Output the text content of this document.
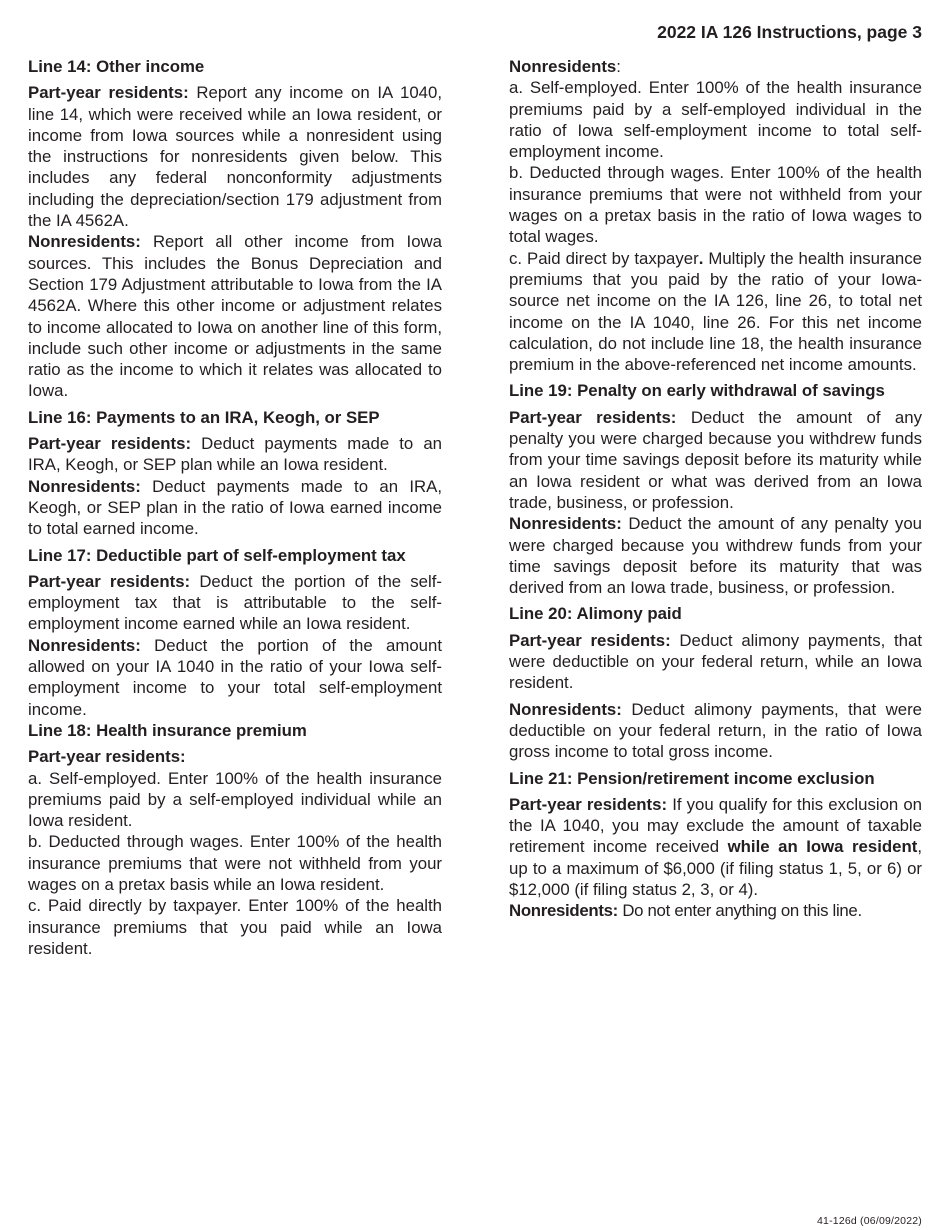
2022 IA 126 Instructions, page 3
Line 14: Other income
Part-year residents: Report any income on IA 1040, line 14, which were received while an Iowa resident, or income from Iowa sources while a nonresident using the instructions for nonresidents given below. This includes any federal nonconformity adjustments including the depreciation/section 179 adjustment from the IA 4562A.
Nonresidents: Report all other income from Iowa sources. This includes the Bonus Depreciation and Section 179 Adjustment attributable to Iowa from the IA 4562A. Where this other income or adjustment relates to income allocated to Iowa on another line of this form, include such other income or adjustments in the same ratio as the income to which it relates was allocated to Iowa.
Line 16: Payments to an IRA, Keogh, or SEP
Part-year residents: Deduct payments made to an IRA, Keogh, or SEP plan while an Iowa resident.
Nonresidents: Deduct payments made to an IRA, Keogh, or SEP plan in the ratio of Iowa earned income to total earned income.
Line 17: Deductible part of self-employment tax
Part-year residents: Deduct the portion of the self-employment tax that is attributable to the self-employment income earned while an Iowa resident.
Nonresidents: Deduct the portion of the amount allowed on your IA 1040 in the ratio of your Iowa self-employment income to your total self-employment income.
Line 18: Health insurance premium
Part-year residents:
a. Self-employed. Enter 100% of the health insurance premiums paid by a self-employed individual while an Iowa resident.
b. Deducted through wages. Enter 100% of the health insurance premiums that were not withheld from your wages on a pretax basis while an Iowa resident.
c. Paid directly by taxpayer. Enter 100% of the health insurance premiums that you paid while an Iowa resident.
Nonresidents:
a. Self-employed. Enter 100% of the health insurance premiums paid by a self-employed individual in the ratio of Iowa self-employment income to total self-employment income.
b. Deducted through wages. Enter 100% of the health insurance premiums that were not withheld from your wages on a pretax basis in the ratio of Iowa wages to total wages.
c. Paid direct by taxpayer. Multiply the health insurance premiums that you paid by the ratio of your Iowa-source net income on the IA 126, line 26, to total net income on the IA 1040, line 26. For this net income calculation, do not include line 18, the health insurance premium in the above-referenced net income amounts.
Line 19: Penalty on early withdrawal of savings
Part-year residents: Deduct the amount of any penalty you were charged because you withdrew funds from your time savings deposit before its maturity while an Iowa resident or what was derived from an Iowa trade, business, or profession.
Nonresidents: Deduct the amount of any penalty you were charged because you withdrew funds from your time savings deposit before its maturity that was derived from an Iowa trade, business, or profession.
Line 20: Alimony paid
Part-year residents: Deduct alimony payments, that were deductible on your federal return, while an Iowa resident.
Nonresidents: Deduct alimony payments, that were deductible on your federal return, in the ratio of Iowa gross income to total gross income.
Line 21: Pension/retirement income exclusion
Part-year residents: If you qualify for this exclusion on the IA 1040, you may exclude the amount of taxable retirement income received while an Iowa resident, up to a maximum of $6,000 (if filing status 1, 5, or 6) or $12,000 (if filing status 2, 3, or 4).
Nonresidents: Do not enter anything on this line.
41-126d (06/09/2022)
